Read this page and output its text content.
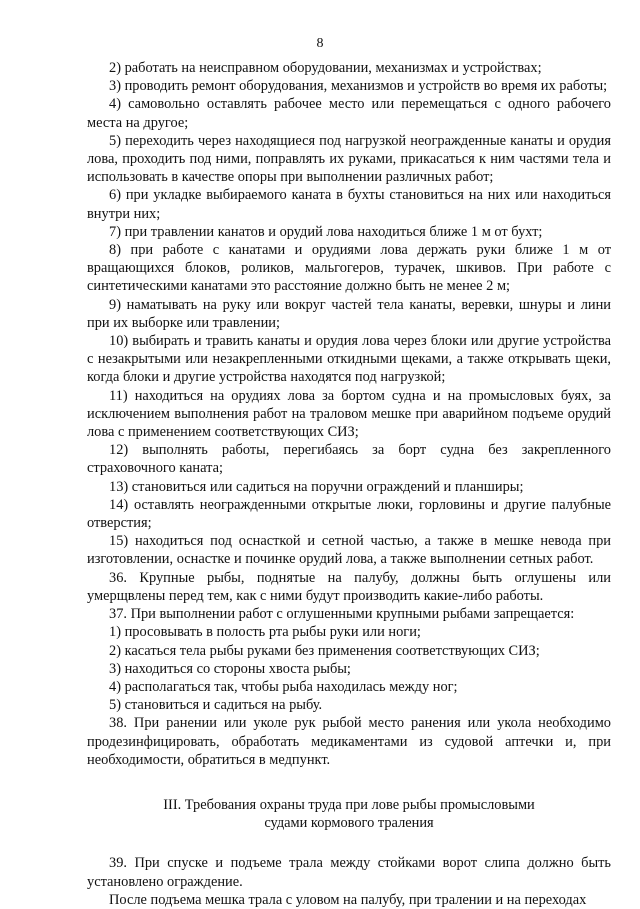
8

2) работать на неисправном оборудовании, механизмах и устройствах;

3) проводить ремонт оборудования, механизмов и устройств во время их работы;

4) самовольно оставлять рабочее место или перемещаться с одного рабочего места на другое;

5) переходить через находящиеся под нагрузкой неогражденные канаты и орудия лова, проходить под ними, поправлять их руками, прикасаться к ним частями тела и использовать в качестве опоры при выполнении различных работ;

6) при укладке выбираемого каната в бухты становиться на них или находиться внутри них;

7) при травлении канатов и орудий лова находиться ближе 1 м от бухт;

8) при работе с канатами и орудиями лова держать руки ближе 1 м от вращающихся блоков, роликов, мальгогеров, турачек, шкивов. При работе с синтетическими канатами это расстояние должно быть не менее 2 м;

9) наматывать на руку или вокруг частей тела канаты, веревки, шнуры и лини при их выборке или травлении;

10) выбирать и травить канаты и орудия лова через блоки или другие устройства с незакрытыми или незакрепленными откидными щеками, а также открывать щеки, когда блоки и другие устройства находятся под нагрузкой;

11) находиться на орудиях лова за бортом судна и на промысловых буях, за исключением выполнения работ на траловом мешке при аварийном подъеме орудий лова с применением соответствующих СИЗ;

12) выполнять работы, перегибаясь за борт судна без закрепленного страховочного каната;

13) становиться или садиться на поручни ограждений и планширы;

14) оставлять неогражденными открытые люки, горловины и другие палубные отверстия;

15) находиться под оснасткой и сетной частью, а также в мешке невода при изготовлении, оснастке и починке орудий лова, а также выполнении сетных работ.

36. Крупные рыбы, поднятые на палубу, должны быть оглушены или умерщвлены перед тем, как с ними будут производить какие-либо работы.

37. При выполнении работ с оглушенными крупными рыбами запрещается:

1) просовывать в полость рта рыбы руки или ноги;

2) касаться тела рыбы руками без применения соответствующих СИЗ;

3) находиться со стороны хвоста рыбы;

4) располагаться так, чтобы рыба находилась между ног;

5) становиться и садиться на рыбу.

38. При ранении или уколе рук рыбой место ранения или укола необходимо продезинфицировать, обработать медикаментами из судовой аптечки и, при необходимости, обратиться в медпункт.

III. Требования охраны труда при лове рыбы промысловыми
судами кормового траления

39. При спуске и подъеме трала между стойками ворот слипа должно быть установлено ограждение.

После подъема мешка трала с уловом на палубу, при тралении и на переходах
